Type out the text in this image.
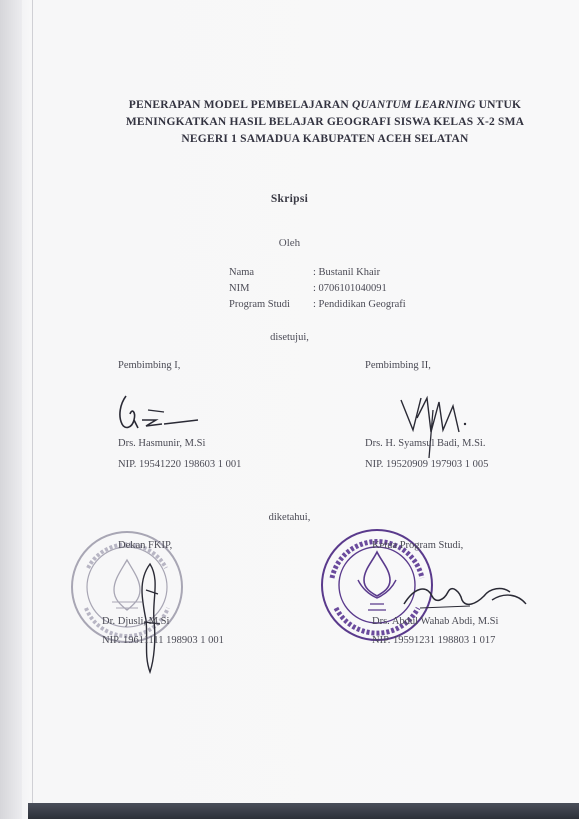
PENERAPAN MODEL PEMBELAJARAN QUANTUM LEARNING UNTUK
MENINGKATKAN HASIL BELAJAR GEOGRAFI SISWA KELAS X-2 SMA
NEGERI 1 SAMADUA KABUPATEN ACEH SELATAN
Skripsi
Oleh
Nama	: Bustanil Khair
NIM	: 0706101040091
Program Studi : Pendidikan Geografi
disetujui,
Pembimbing I,	Pembimbing II,
Drs. Hasmunir, M.Si
NIP. 19541220 198603 1 001
Drs. H. Syamsul Badi, M.Si.
NIP. 19520909 197903 1 005
diketahui,
Dekan FKIP,	Ketua Program Studi,
Dr. Djusli, M.Si
NIP. 19611111 198903 1 001
Drs. Abdul Wahab Abdi, M.Si
NIP. 19591231 198803 1 017
